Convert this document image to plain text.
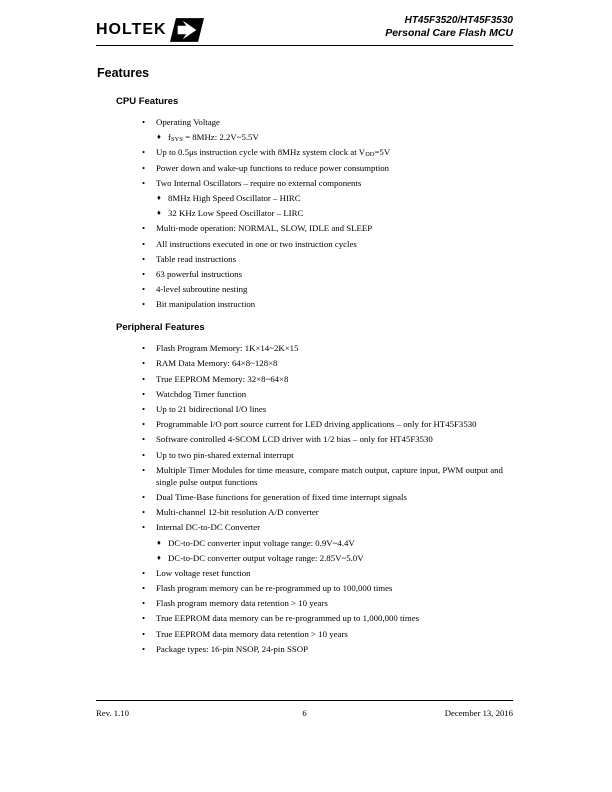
HOLTEK
HT45F3520/HT45F3530
Personal Care Flash MCU
Features
CPU Features
•	Operating Voltage
♦ $f_{SYS} = 8MHz$: 2.2V~5.5V
•	Up to 0.5μs instruction cycle with 8MHz system clock at $V_{DD}=5V$
•	Power down and wake-up functions to reduce power consumption
•	Two Internal Oscillators – require no external components
♦ 8MHz High Speed Oscillator – HIRC
♦ 32 KHz Low Speed Oscillator – LIRC
•	Multi-mode operation: NORMAL, SLOW, IDLE and SLEEP
•	All instructions executed in one or two instruction cycles
•	Table read instructions
•	63 powerful instructions
•	4-level subroutine nesting
•	Bit manipulation instruction
Peripheral Features
•	Flash Program Memory: 1K×14~2K×15
•	RAM Data Memory: 64×8~128×8
•	True EEPROM Memory: 32×8~64×8
•	Watchdog Timer function
•	Up to 21 bidirectional I/O lines
•	Programmable I/O port source current for LED driving applications – only for HT45F3530
•	Software controlled 4-SCOM LCD driver with 1/2 bias – only for HT45F3530
•	Up to two pin-shared external interrupt
•	Multiple Timer Modules for time measure, compare match output, capture input, PWM output and single pulse output functions
•	Dual Time-Base functions for generation of fixed time interrupt signals
•	Multi-channel 12-bit resolution A/D converter
•	Internal DC-to-DC Converter
♦ DC-to-DC converter input voltage range: 0.9V~4.4V
♦ DC-to-DC converter output voltage range: 2.85V~5.0V
•	Low voltage reset function
•	Flash program memory can be re-programmed up to 100,000 times
•	Flash program memory data retention > 10 years
•	True EEPROM data memory can be re-programmed up to 1,000,000 times
•	True EEPROM data memory data retention > 10 years
•	Package types: 16-pin NSOP, 24-pin SSOP
Rev. 1.10	6	December 13, 2016
